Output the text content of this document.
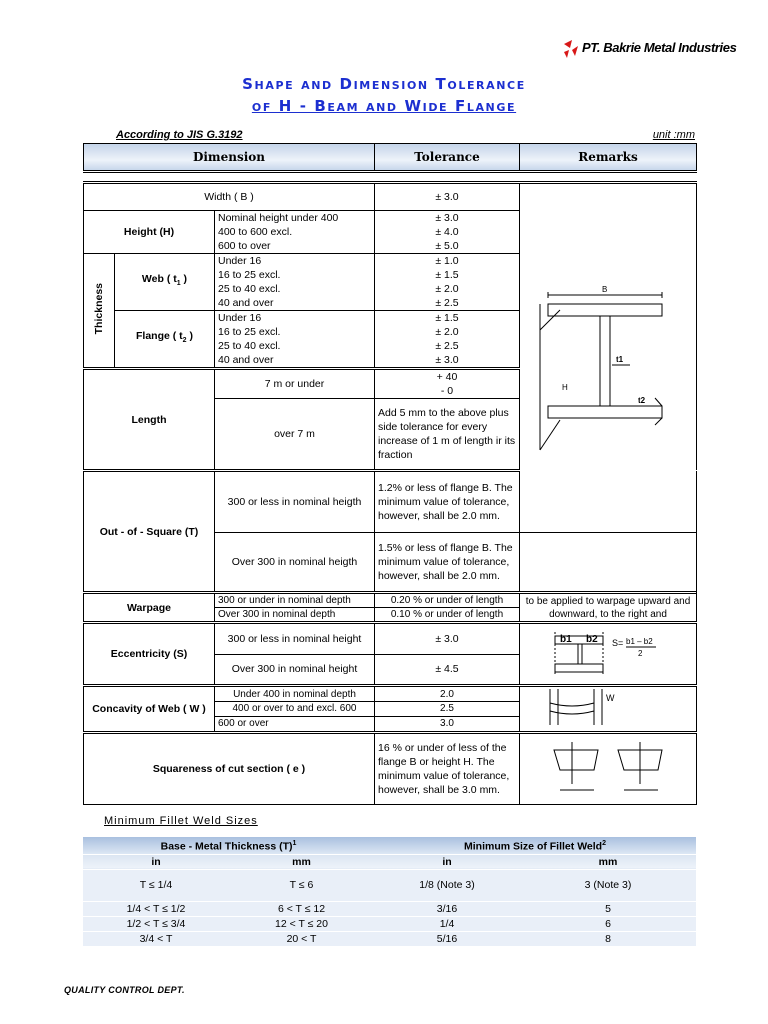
PT. Bakrie Metal Industries
Shape and Dimension Tolerance
of H - Beam and Wide Flange
According to JIS G.3192	unit :mm
Dimension			Tolerance	Remarks	

Width ( B )			± 3.0	B
H
t1
t2	

Height (H)		Nominal height under 400	± 3.0		
		400 to 600 excl.	± 4.0		
		600 to over	± 5.0		
Thickness	Web ( $t_1$ )	Under 16	± 1.0		
		16 to 25 excl.	± 1.5		
		25 to 40 excl.	± 2.0		
		40 and over	± 2.5		
	Flange ( $t_2$ )	Under 16	± 1.5		
		16 to 25 excl.	± 2.0		
		25 to 40 excl.	± 2.5		
		40 and over	± 3.0		
Length		7 m or under	+ 40
- 0		

		over 7 m	Add 5 mm to the above plus side tolerance for every increase of 1 m of length ir its fraction		
Out - of - Square (T)		300 or less in nominal heigth	1.2% or less of flange B. The minimum value of tolerance, however, shall be 2.0 mm.	
		Over 300 in nominal heigth	1.5% or less of flange B. The minimum value of tolerance, however, shall be 2.0 mm.		
Warpage		300 or under in nominal depth	0.20 % or under of length	to be applied to warpage upward and downward, to the right and	
		Over 300 in nominal depth	0.10 % or under of length		
Eccentricity (S)		300 or less in nominal height	± 3.0	b1 b2 S= b1 – b2
2	

		Over 300 in nominal height	± 4.5		
Concavity of Web ( W )		Under 400 in nominal depth	2.0	W	

		400 or over to and excl. 600	2.5		
		600 or over	3.0		
Squareness of cut section ( e )			16 % or under of less of the flange B or height H. The minimum value of tolerance, however, shall be 3.0 mm.	
Minimum Fillet Weld Sizes
Base - Metal Thickness $(T)^1$		Minimum Size of Fillet Weld$^2$
in	mm	in	mm
T ≤ 1/4	T ≤ 6	1/8 (Note 3)	3 (Note 3)
1/4 < T ≤ 1/2	6 < T ≤ 12	3/16	5
1/2 < T ≤ 3/4	12 < T ≤ 20	1/4	6
3/4 < T	20 < T	5/16	8
QUALITY CONTROL DEPT.
